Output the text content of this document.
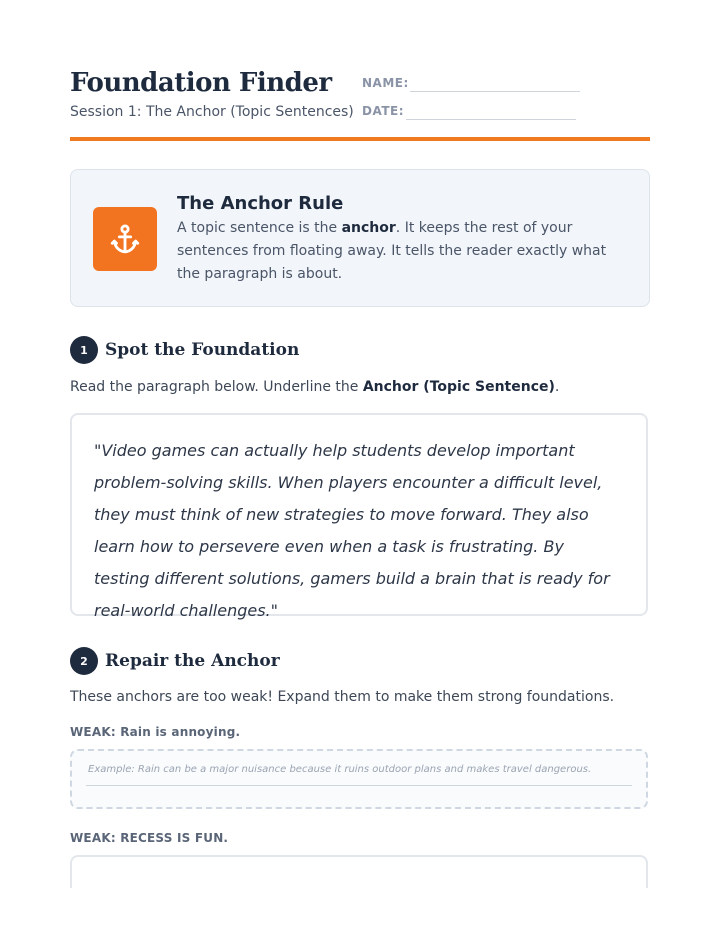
Foundation Finder
Session 1: The Anchor (Topic Sentences)
NAME:
DATE:
The Anchor Rule
A topic sentence is the anchor. It keeps the rest of your sentences from floating away. It tells the reader exactly what the paragraph is about.
1	Spot the Foundation
Read the paragraph below. Underline the Anchor (Topic Sentence).
"Video games can actually help students develop important problem-solving skills. When players encounter a difficult level, they must think of new strategies to move forward. They also learn how to persevere even when a task is frustrating. By testing different solutions, gamers build a brain that is ready for real-world challenges."
2	Repair the Anchor
These anchors are too weak! Expand them to make them strong foundations.
WEAK: Rain is annoying.
Example: Rain can be a major nuisance because it ruins outdoor plans and makes travel dangerous.
WEAK: RECESS IS FUN.
